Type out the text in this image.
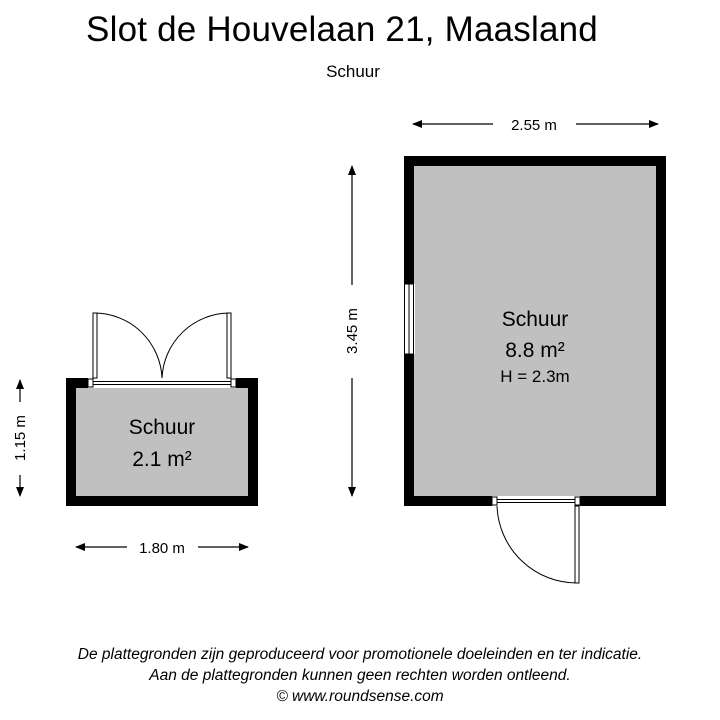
Slot de Houvelaan 21, Maasland
Schuur
Schuur
8.8 m²
H = 2.3m
Schuur
2.1 m²
2.55 m
3.45 m
1.15 m
1.80 m
De plattegronden zijn geproduceerd voor promotionele doeleinden en ter indicatie.
Aan de plattegronden kunnen geen rechten worden ontleend.
© www.roundsense.com
